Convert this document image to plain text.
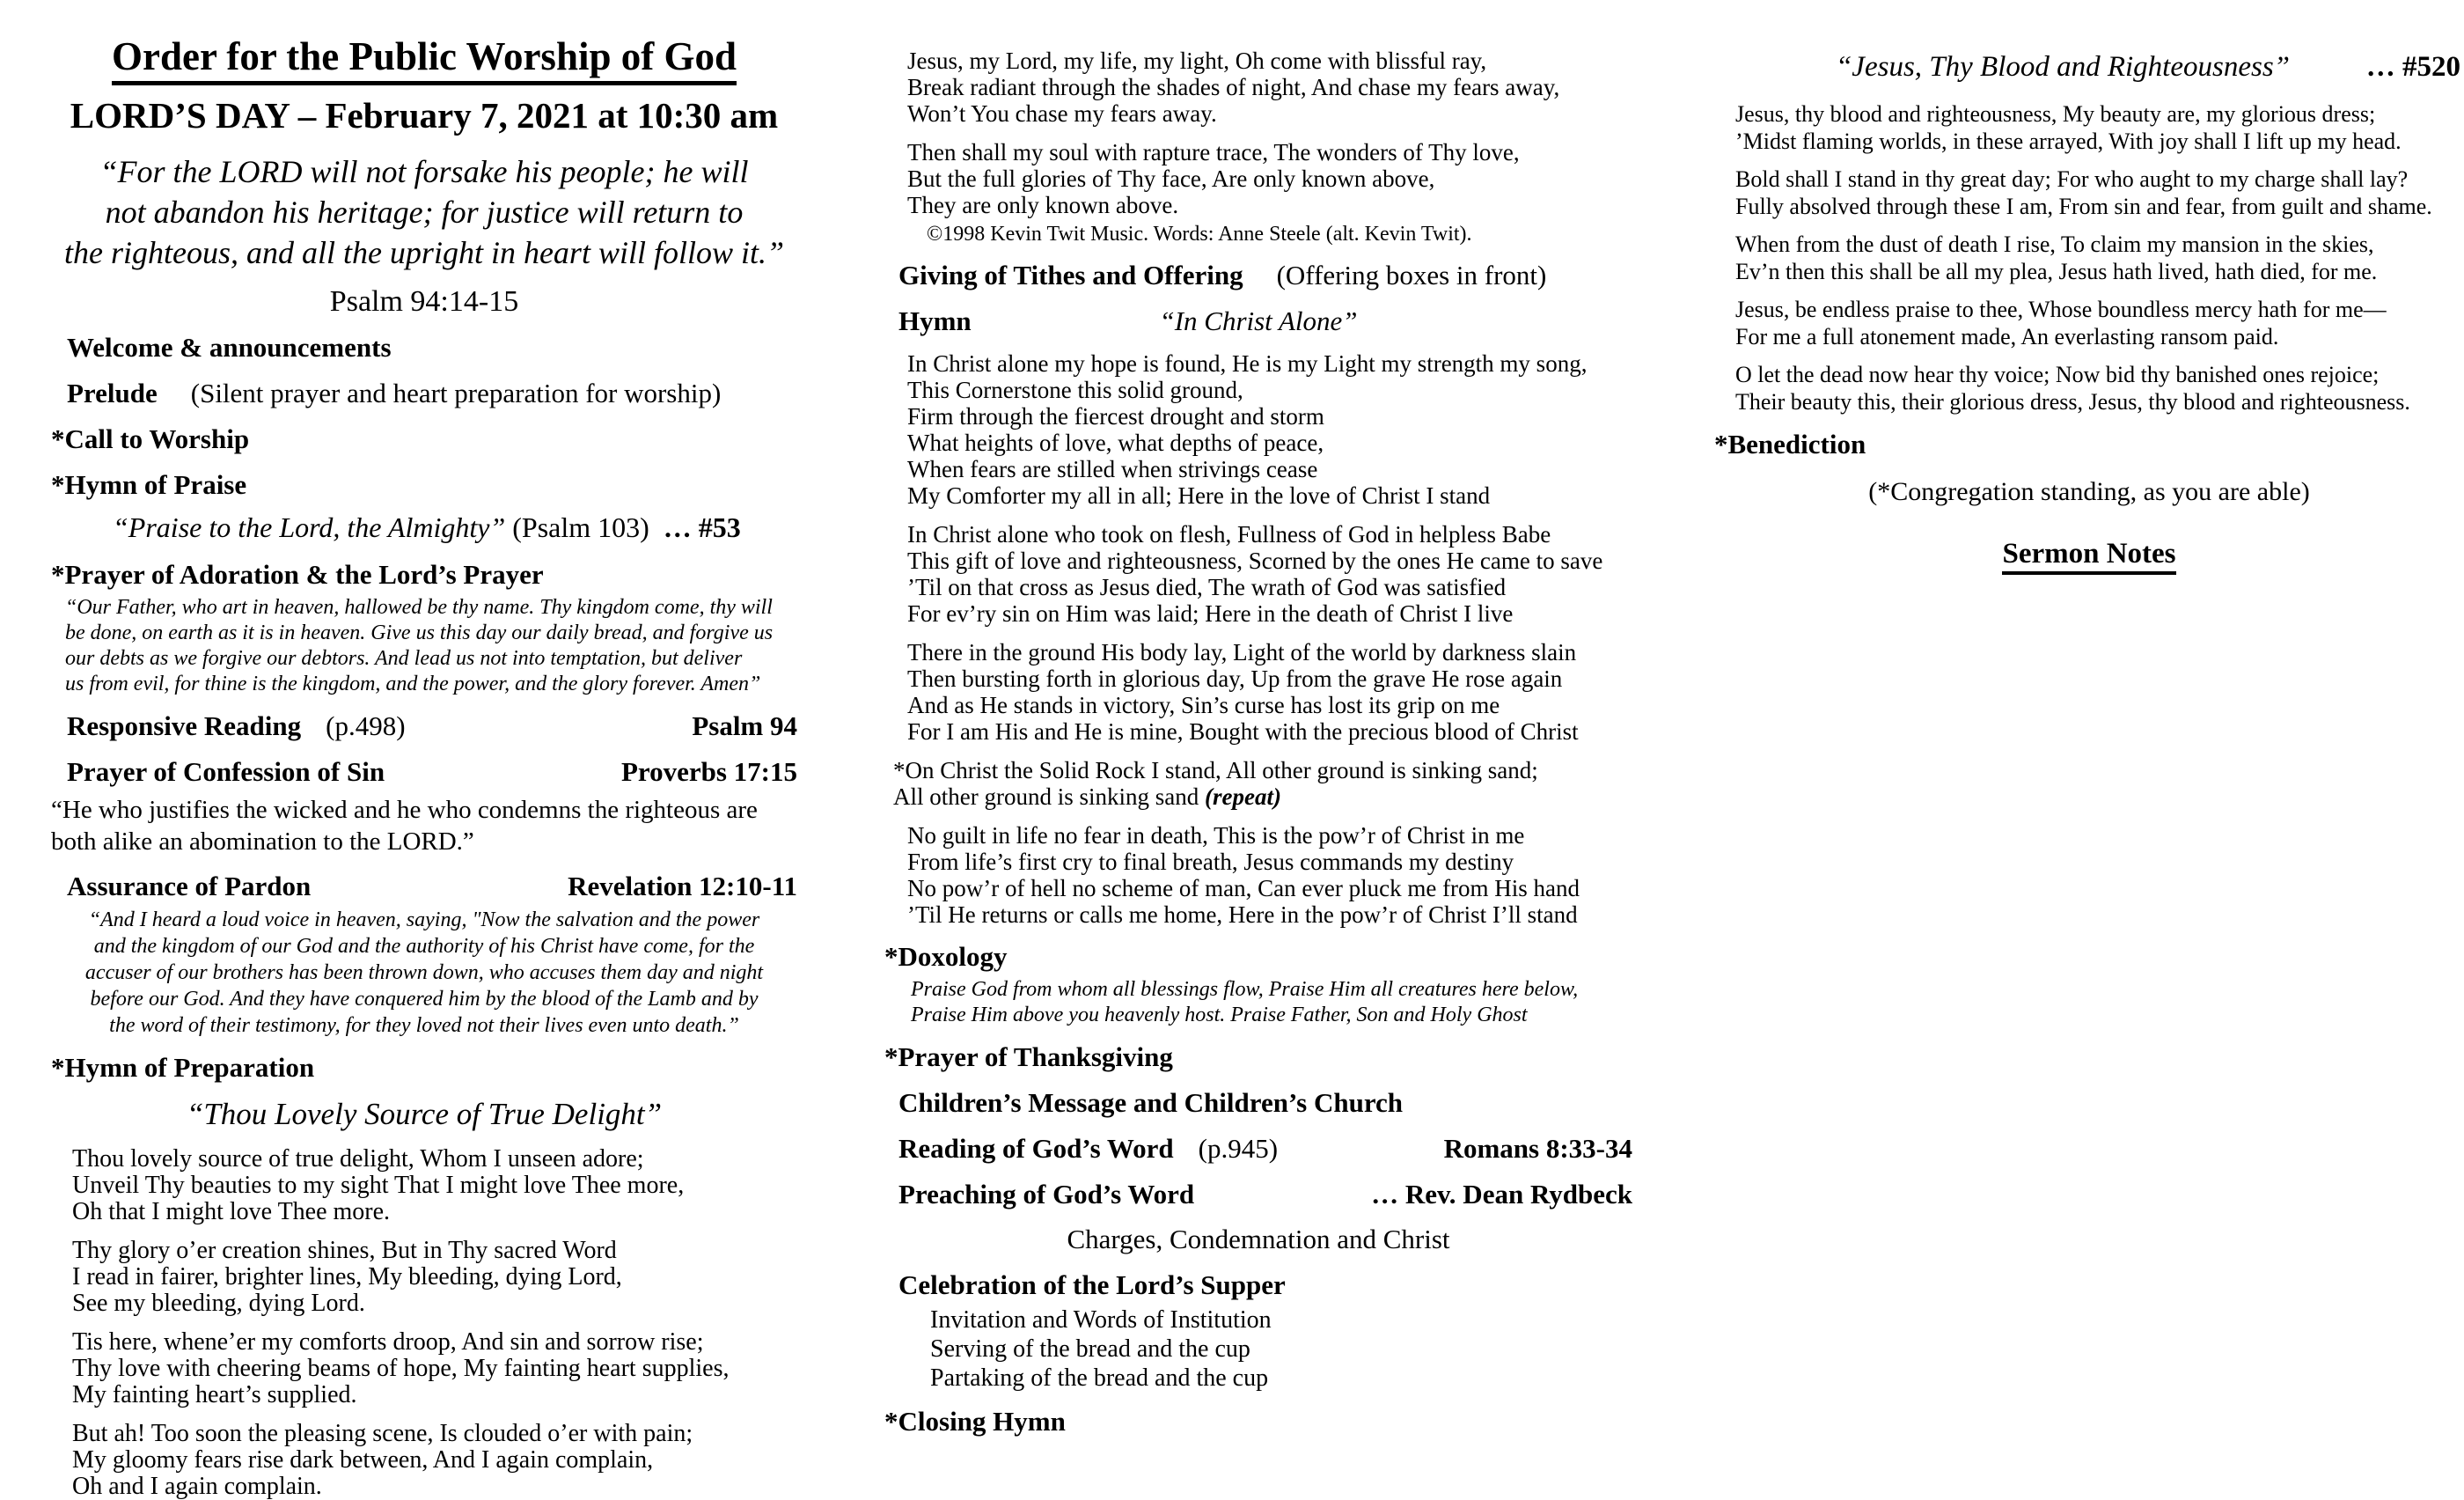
Order for the Public Worship of God
LORD’S DAY – February 7, 2021 at 10:30 am
“For the LORD will not forsake his people; he will
not abandon his heritage; for justice will return to
the righteous, and all the upright in heart will follow it.”
Psalm 94:14-15
Welcome & announcements
Prelude (Silent prayer and heart preparation for worship)
*Call to Worship
*Hymn of Praise
“Praise to the Lord, the Almighty” (Psalm 103) … #53
*Prayer of Adoration & the Lord’s Prayer
“Our Father, who art in heaven, hallowed be thy name. Thy kingdom come, thy will
be done, on earth as it is in heaven. Give us this day our daily bread, and forgive us
our debts as we forgive our debtors. And lead us not into temptation, but deliver
us from evil, for thine is the kingdom, and the power, and the glory forever. Amen”
Responsive Reading (p.498)	Psalm 94
Prayer of Confession of Sin	Proverbs 17:15
“He who justifies the wicked and he who condemns the righteous are
both alike an abomination to the LORD.”
Assurance of Pardon	Revelation 12:10-11
“And I heard a loud voice in heaven, saying, "Now the salvation and the power
and the kingdom of our God and the authority of his Christ have come, for the
accuser of our brothers has been thrown down, who accuses them day and night
before our God. And they have conquered him by the blood of the Lamb and by
the word of their testimony, for they loved not their lives even unto death.”
*Hymn of Preparation
“Thou Lovely Source of True Delight”
Thou lovely source of true delight, Whom I unseen adore;
Unveil Thy beauties to my sight That I might love Thee more,
Oh that I might love Thee more.
Thy glory o’er creation shines, But in Thy sacred Word
I read in fairer, brighter lines, My bleeding, dying Lord,
See my bleeding, dying Lord.
Tis here, whene’er my comforts droop, And sin and sorrow rise;
Thy love with cheering beams of hope, My fainting heart supplies,
My fainting heart’s supplied.
But ah! Too soon the pleasing scene, Is clouded o’er with pain;
My gloomy fears rise dark between, And I again complain,
Oh and I again complain.
Jesus, my Lord, my life, my light, Oh come with blissful ray,
Break radiant through the shades of night, And chase my fears away,
Won’t You chase my fears away.
Then shall my soul with rapture trace, The wonders of Thy love,
But the full glories of Thy face, Are only known above,
They are only known above.
©1998 Kevin Twit Music. Words: Anne Steele (alt. Kevin Twit).
Giving of Tithes and Offering (Offering boxes in front)
Hymn	“In Christ Alone”
In Christ alone my hope is found, He is my Light my strength my song,
This Cornerstone this solid ground,
Firm through the fiercest drought and storm
What heights of love, what depths of peace,
When fears are stilled when strivings cease
My Comforter my all in all; Here in the love of Christ I stand
In Christ alone who took on flesh, Fullness of God in helpless Babe
This gift of love and righteousness, Scorned by the ones He came to save
’Til on that cross as Jesus died, The wrath of God was satisfied
For ev’ry sin on Him was laid; Here in the death of Christ I live
There in the ground His body lay, Light of the world by darkness slain
Then bursting forth in glorious day, Up from the grave He rose again
And as He stands in victory, Sin’s curse has lost its grip on me
For I am His and He is mine, Bought with the precious blood of Christ
*On Christ the Solid Rock I stand, All other ground is sinking sand;
All other ground is sinking sand (repeat)
No guilt in life no fear in death, This is the pow’r of Christ in me
From life’s first cry to final breath, Jesus commands my destiny
No pow’r of hell no scheme of man, Can ever pluck me from His hand
’Til He returns or calls me home, Here in the pow’r of Christ I’ll stand
*Doxology
Praise God from whom all blessings flow, Praise Him all creatures here below,
Praise Him above you heavenly host. Praise Father, Son and Holy Ghost
*Prayer of Thanksgiving
Children’s Message and Children’s Church
Reading of God’s Word (p.945)	Romans 8:33-34
Preaching of God’s Word	… Rev. Dean Rydbeck
Charges, Condemnation and Christ
Celebration of the Lord’s Supper
Invitation and Words of Institution
Serving of the bread and the cup
Partaking of the bread and the cup
*Closing Hymn
“Jesus, Thy Blood and Righteousness”	… #520
Jesus, thy blood and righteousness, My beauty are, my glorious dress;
’Midst flaming worlds, in these arrayed, With joy shall I lift up my head.
Bold shall I stand in thy great day; For who aught to my charge shall lay?
Fully absolved through these I am, From sin and fear, from guilt and shame.
When from the dust of death I rise, To claim my mansion in the skies,
Ev’n then this shall be all my plea, Jesus hath lived, hath died, for me.
Jesus, be endless praise to thee, Whose boundless mercy hath for me—
For me a full atonement made, An everlasting ransom paid.
O let the dead now hear thy voice; Now bid thy banished ones rejoice;
Their beauty this, their glorious dress, Jesus, thy blood and righteousness.
*Benediction
(*Congregation standing, as you are able)
Sermon Notes
